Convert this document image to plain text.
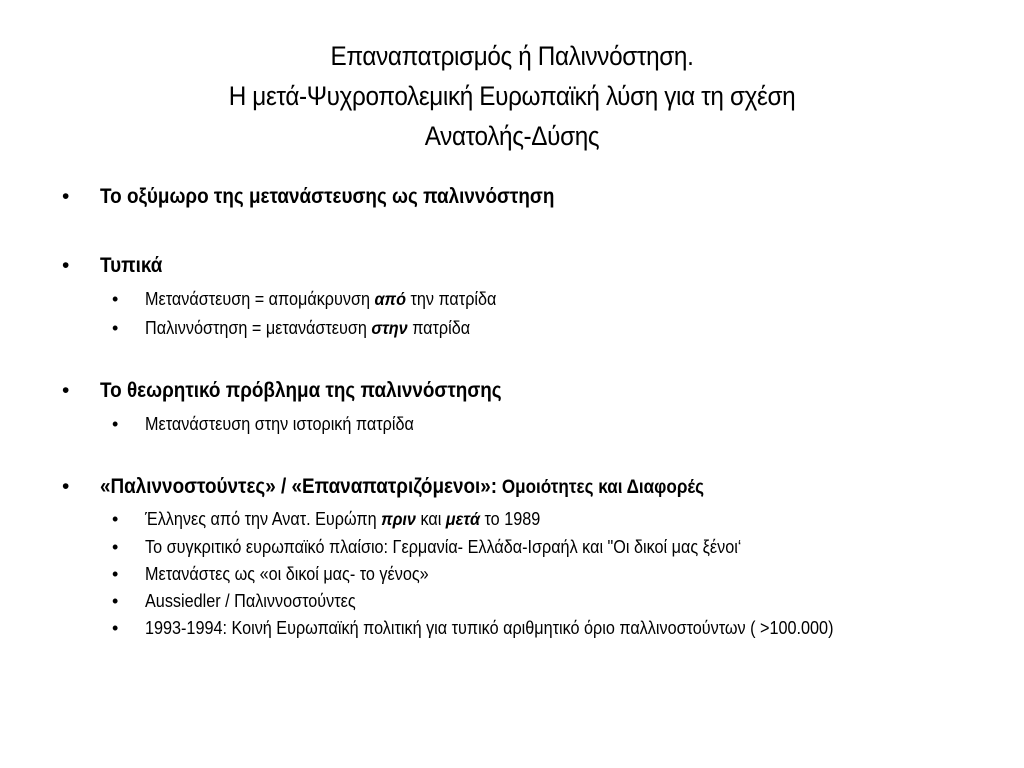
Επαναπατρισμός ή Παλιννόστηση.
Η μετά-Ψυχροπολεμική Ευρωπαϊκή λύση για τη σχέση
Ανατολής-Δύσης
• Το οξύμωρο της μετανάστευσης ως παλιννόστηση
• Τυπικά
• Μετανάστευση = απομάκρυνση από την πατρίδα
• Παλιννόστηση = μετανάστευση στην πατρίδα
• Το θεωρητικό πρόβλημα της παλιννόστησης
• Μετανάστευση στην ιστορική πατρίδα
• «Παλιννοστούντες» / «Επαναπατριζόμενοι»: Ομοιότητες και Διαφορές
• Έλληνες από την Ανατ. Ευρώπη πριν και μετά το 1989
• Το συγκριτικό ευρωπαϊκό πλαίσιο: Γερμανία- Ελλάδα-Ισραήλ και "Οι δικοί μας ξένοι‘
• Μετανάστες ως «οι δικοί μας- το γένος»
• Aussiedler / Παλιννοστούντες
• 1993-1994: Κοινή Ευρωπαϊκή πολιτική για τυπικό αριθμητικό όριο παλλινοστούντων ( >100.000)
